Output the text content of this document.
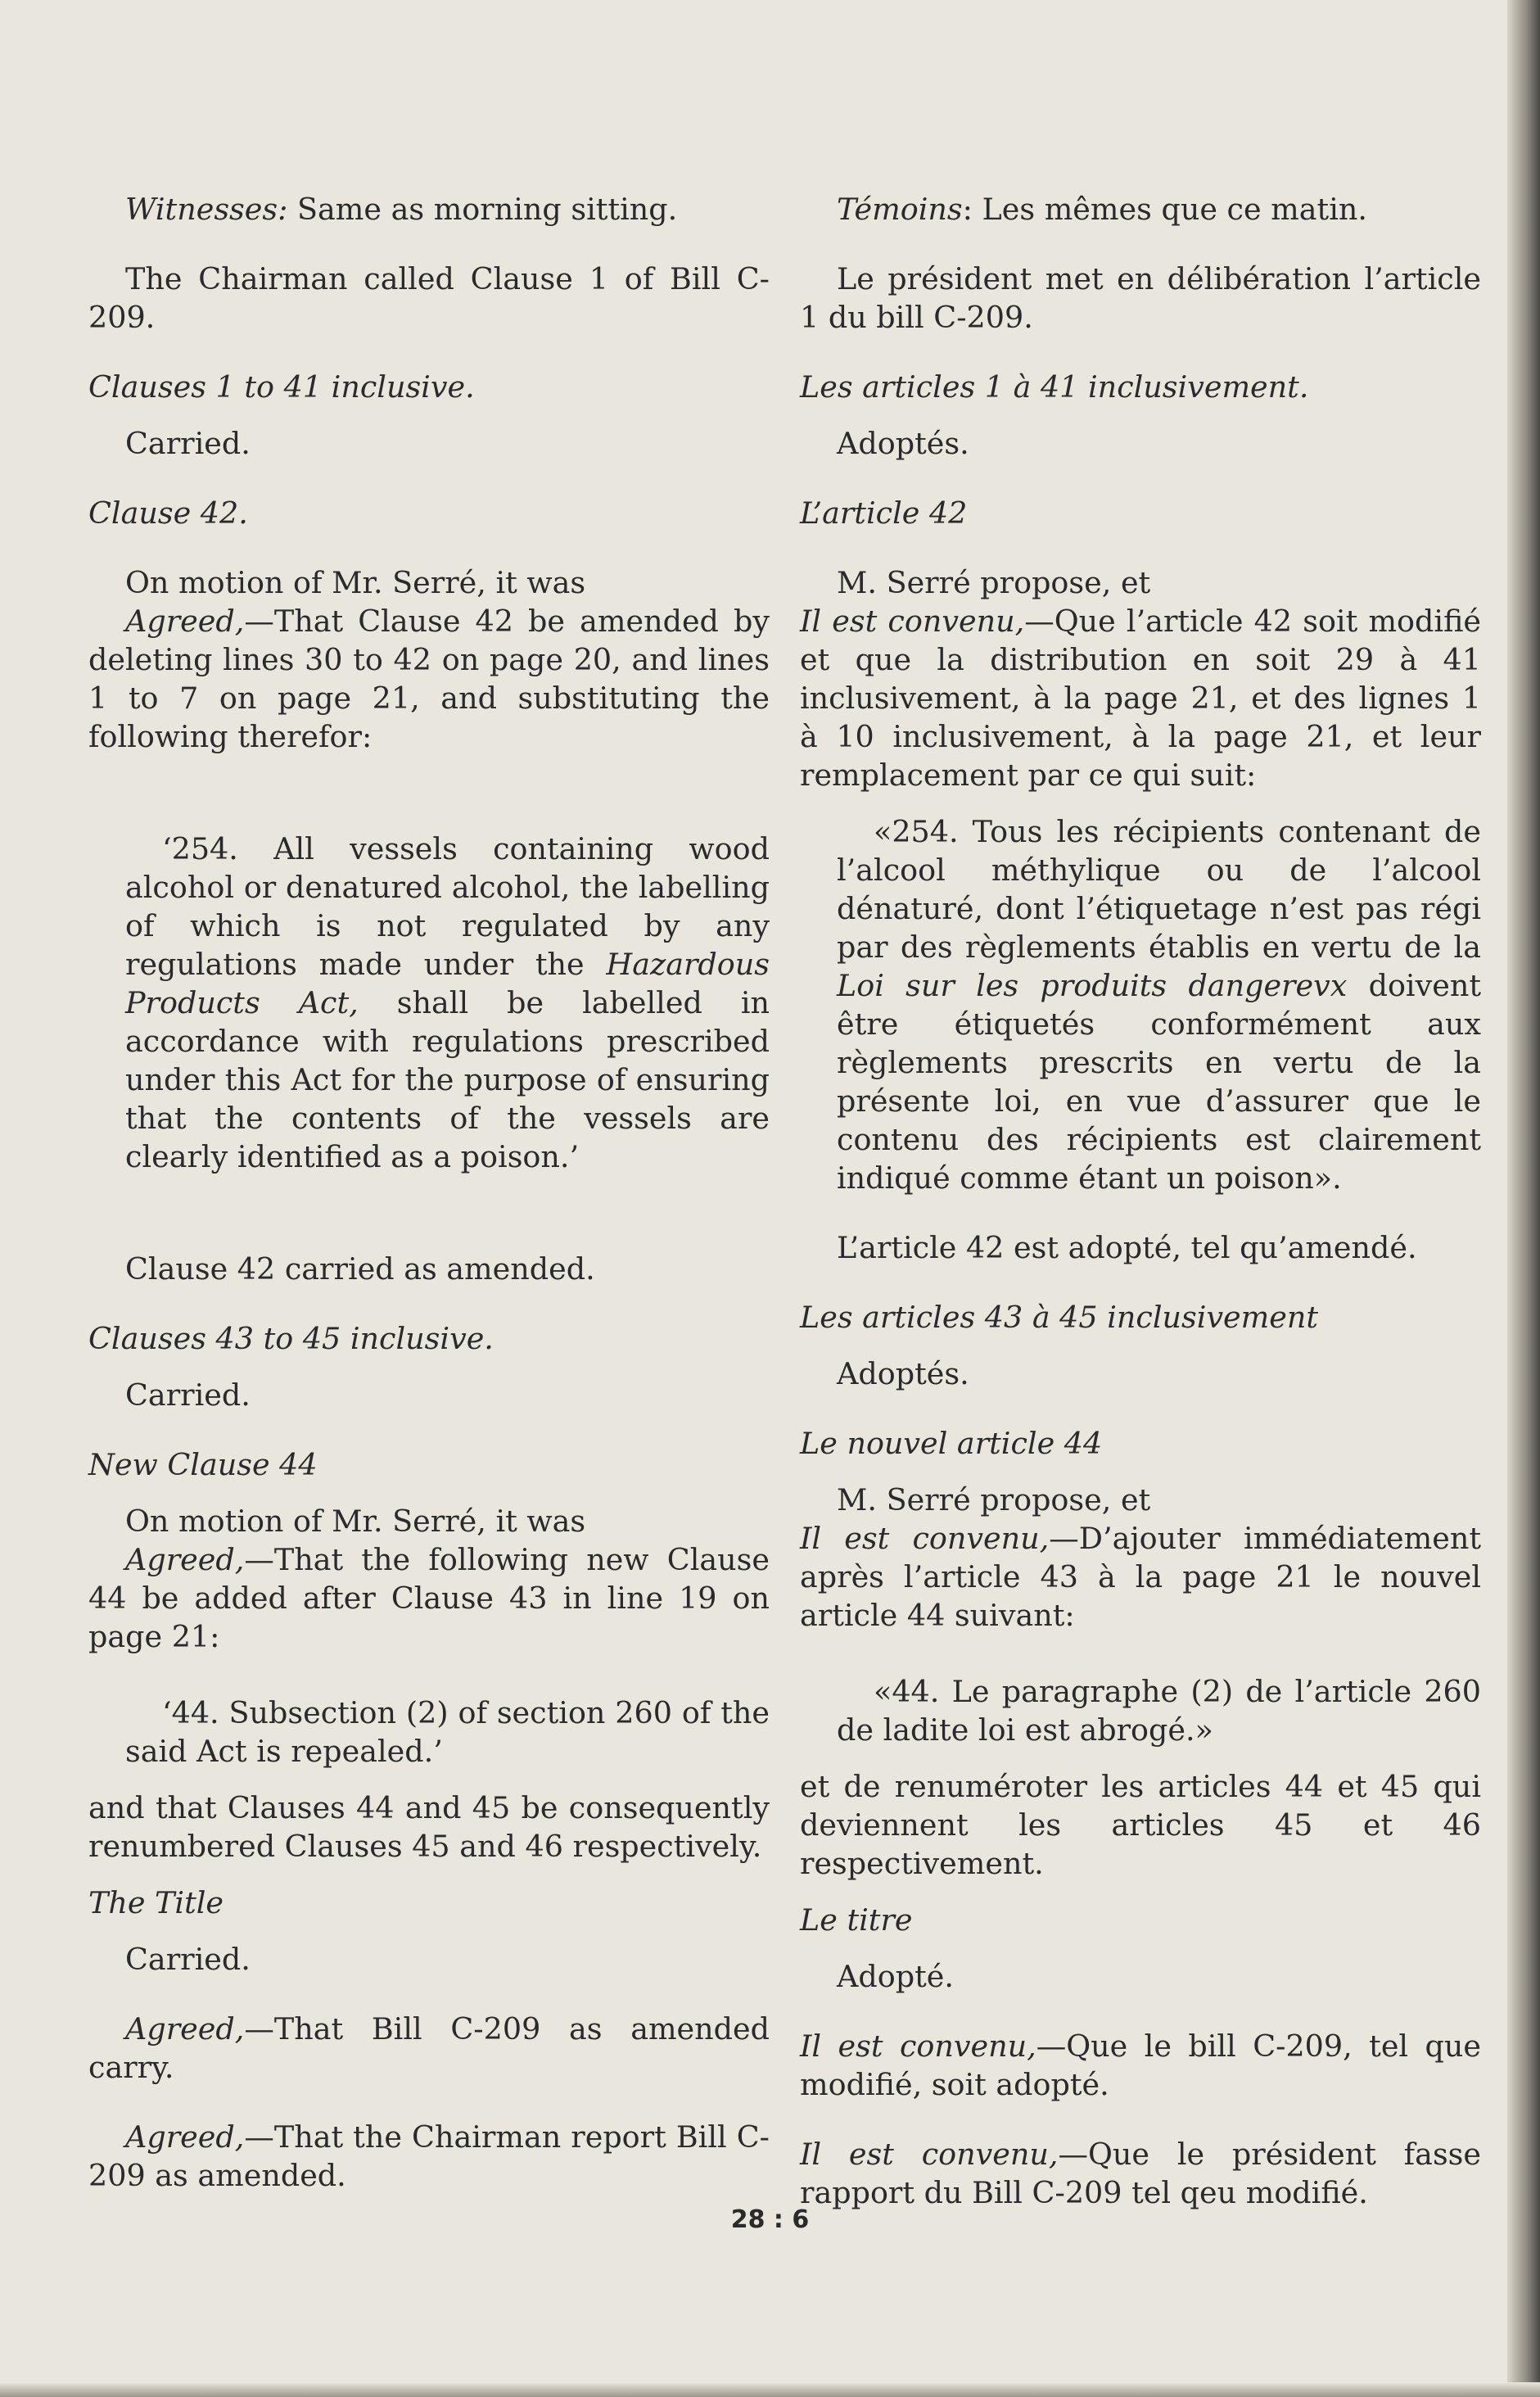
Witnesses: Same as morning sitting.

The Chairman called Clause 1 of Bill C-209.

Clauses 1 to 41 inclusive.

Carried.

Clause 42.

On motion of Mr. Serré, it was

Agreed,—That Clause 42 be amended by deleting lines 30 to 42 on page 20, and lines 1 to 7 on page 21, and substituting the following therefor:

‘254. All vessels containing wood alcohol or denatured alcohol, the labelling of which is not regulated by any regulations made under the Hazardous Products Act, shall be labelled in accordance with regulations prescribed under this Act for the purpose of ensuring that the contents of the vessels are clearly identified as a poison.’

Clause 42 carried as amended.

Clauses 43 to 45 inclusive.

Carried.

New Clause 44

On motion of Mr. Serré, it was

Agreed,—That the following new Clause 44 be added after Clause 43 in line 19 on page 21:

‘44. Subsection (2) of section 260 of the said Act is repealed.’

and that Clauses 44 and 45 be consequently renumbered Clauses 45 and 46 respectively.

The Title

Carried.

Agreed,—That Bill C-209 as amended carry.

Agreed,—That the Chairman report Bill C-209 as amended.

Témoins: Les mêmes que ce matin.

Le président met en délibération l’article 1 du bill C-209.

Les articles 1 à 41 inclusivement.

Adoptés.

L’article 42

M. Serré propose, et

Il est convenu,—Que l’article 42 soit modifié et que la distribution en soit 29 à 41 inclusivement, à la page 21, et des lignes 1 à 10 inclusivement, à la page 21, et leur remplacement par ce qui suit:

«254. Tous les récipients contenant de l’alcool méthylique ou de l’alcool dénaturé, dont l’étiquetage n’est pas régi par des règlements établis en vertu de la Loi sur les produits dangerevx doivent être étiquetés conformément aux règlements prescrits en vertu de la présente loi, en vue d’assurer que le contenu des récipients est clairement indiqué comme étant un poison».

L’article 42 est adopté, tel qu’amendé.

Les articles 43 à 45 inclusivement

Adoptés.

Le nouvel article 44

M. Serré propose, et

Il est convenu,—D’ajouter immédiatement après l’article 43 à la page 21 le nouvel article 44 suivant:

«44. Le paragraphe (2) de l’article 260 de ladite loi est abrogé.»

et de renuméroter les articles 44 et 45 qui deviennent les articles 45 et 46 respectivement.

Le titre

Adopté.

Il est convenu,—Que le bill C-209, tel que modifié, soit adopté.

Il est convenu,—Que le président fasse rapport du Bill C-209 tel qeu modifié.

28 : 6
